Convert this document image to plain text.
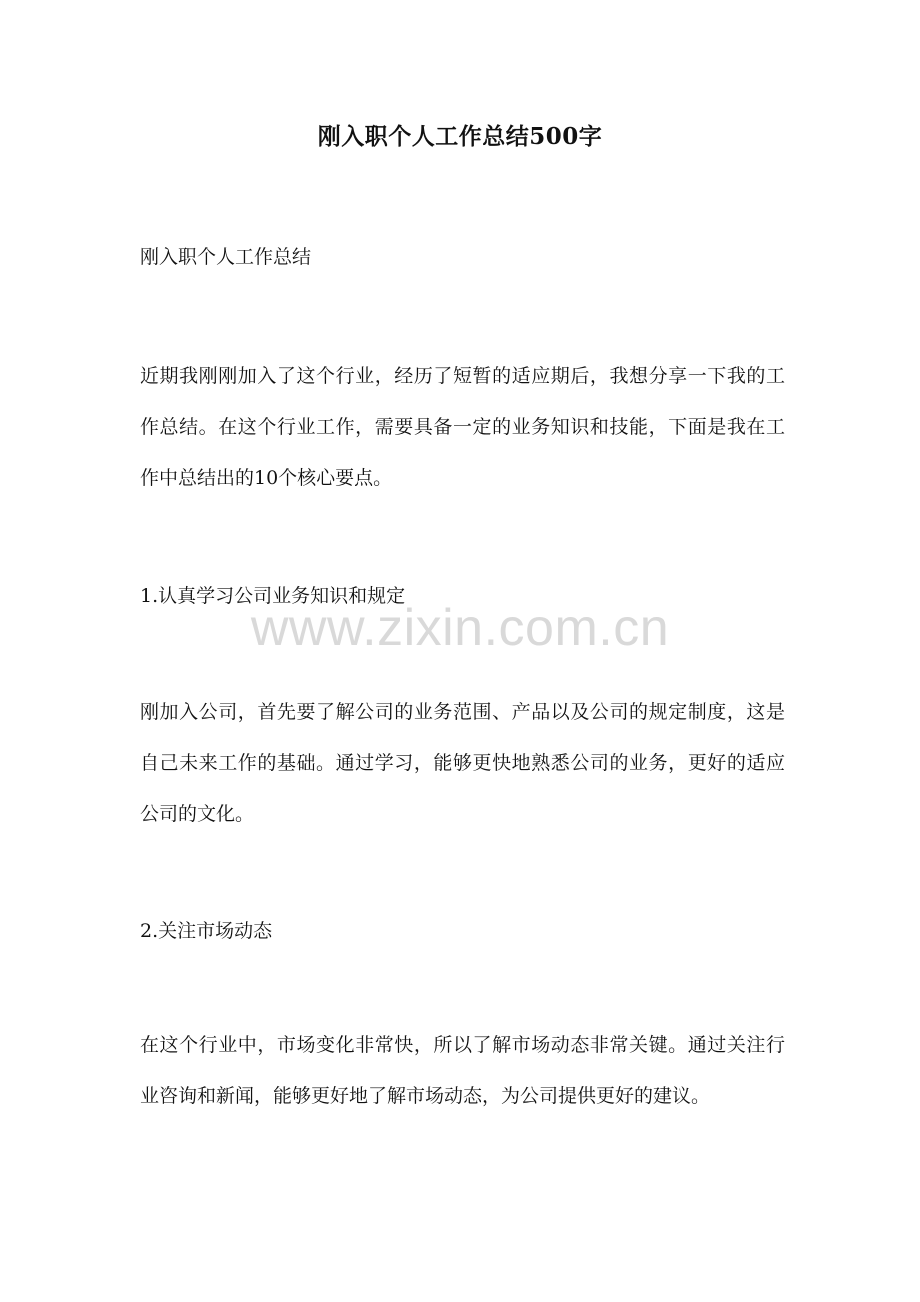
刚入职个人工作总结500字

刚入职个人工作总结

近期我刚刚加入了这个行业，经历了短暂的适应期后，我想分享一下我的工作总结。在这个行业工作，需要具备一定的业务知识和技能，下面是我在工作中总结出的10个核心要点。

1.认真学习公司业务知识和规定

www.zixin.com.cn

刚加入公司，首先要了解公司的业务范围、产品以及公司的规定制度，这是自己未来工作的基础。通过学习，能够更快地熟悉公司的业务，更好的适应公司的文化。

2.关注市场动态

在这个行业中，市场变化非常快，所以了解市场动态非常关键。通过关注行业咨询和新闻，能够更好地了解市场动态，为公司提供更好的建议。
